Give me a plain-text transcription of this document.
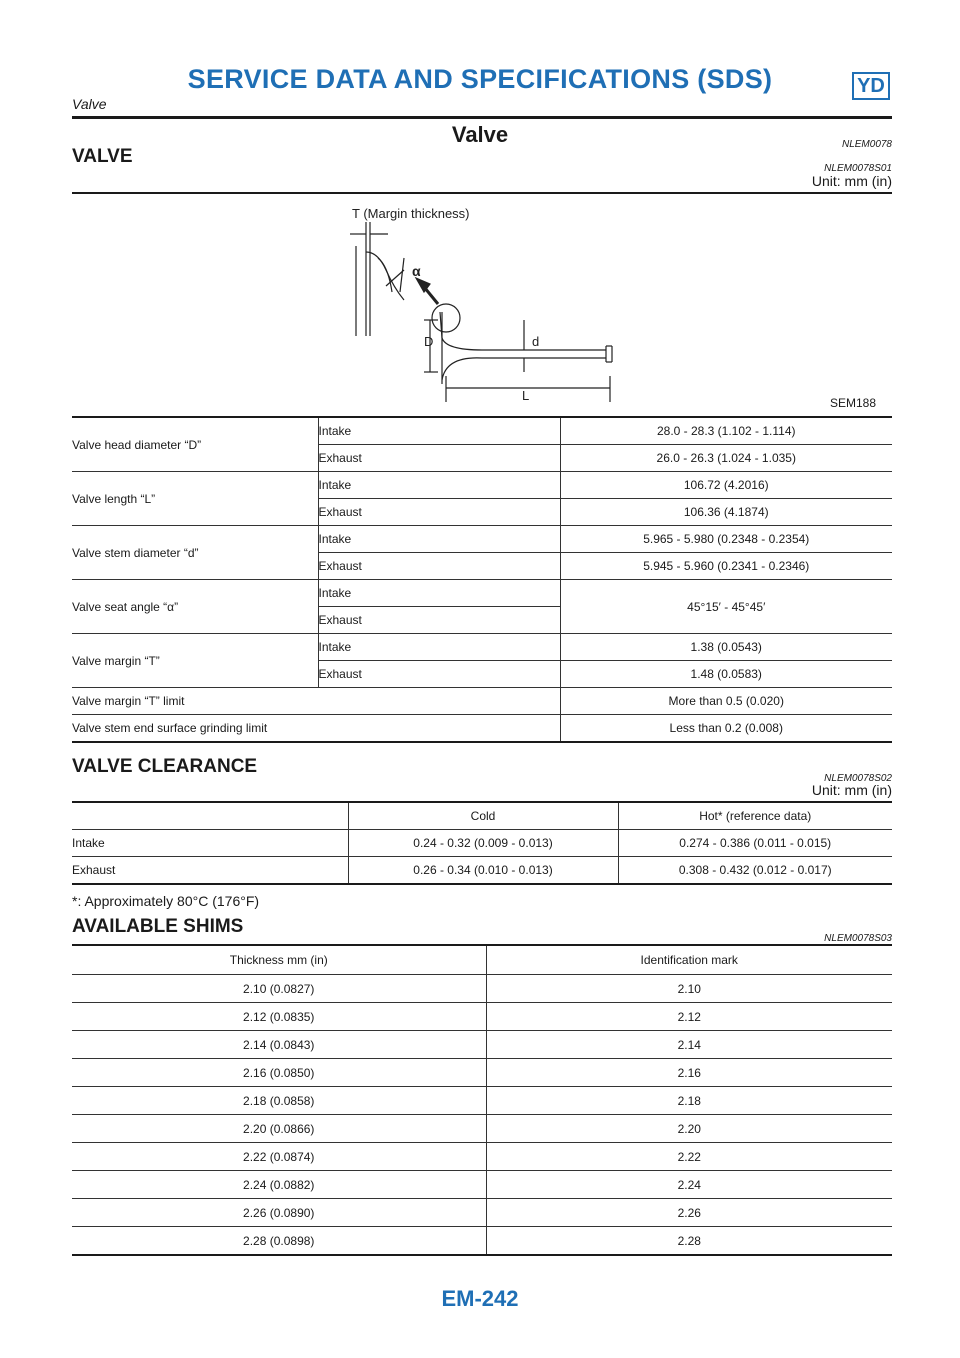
SERVICE DATA AND SPECIFICATIONS (SDS)	YD
Valve
Valve	NLEM0078
VALVE
NLEM0078S01
Unit: mm (in)
T (Margin thickness)
α
D	d
L	SEM188
Valve head diameter “D”	Intake	28.0 - 28.3 (1.102 - 1.114)
	Exhaust	26.0 - 26.3 (1.024 - 1.035)
Valve length “L”	Intake	106.72 (4.2016)
	Exhaust	106.36 (4.1874)
Valve stem diameter “d”	Intake	5.965 - 5.980 (0.2348 - 0.2354)
	Exhaust	5.945 - 5.960 (0.2341 - 0.2346)
Valve seat angle “α”	Intake	45°15′ - 45°45′
	Exhaust	
Valve margin “T”	Intake	1.38 (0.0543)
	Exhaust	1.48 (0.0583)
Valve margin “T” limit		More than 0.5 (0.020)
Valve stem end surface grinding limit		Less than 0.2 (0.008)
VALVE CLEARANCE
NLEM0078S02
Unit: mm (in)
	Cold	Hot* (reference data)
Intake	0.24 - 0.32 (0.009 - 0.013)	0.274 - 0.386 (0.011 - 0.015)
Exhaust	0.26 - 0.34 (0.010 - 0.013)	0.308 - 0.432 (0.012 - 0.017)
*: Approximately 80°C (176°F)
AVAILABLE SHIMS
NLEM0078S03
Thickness mm (in)	Identification mark
2.10 (0.0827)	2.10
2.12 (0.0835)	2.12
2.14 (0.0843)	2.14
2.16 (0.0850)	2.16
2.18 (0.0858)	2.18
2.20 (0.0866)	2.20
2.22 (0.0874)	2.22
2.24 (0.0882)	2.24
2.26 (0.0890)	2.26
2.28 (0.0898)	2.28
EM-242
